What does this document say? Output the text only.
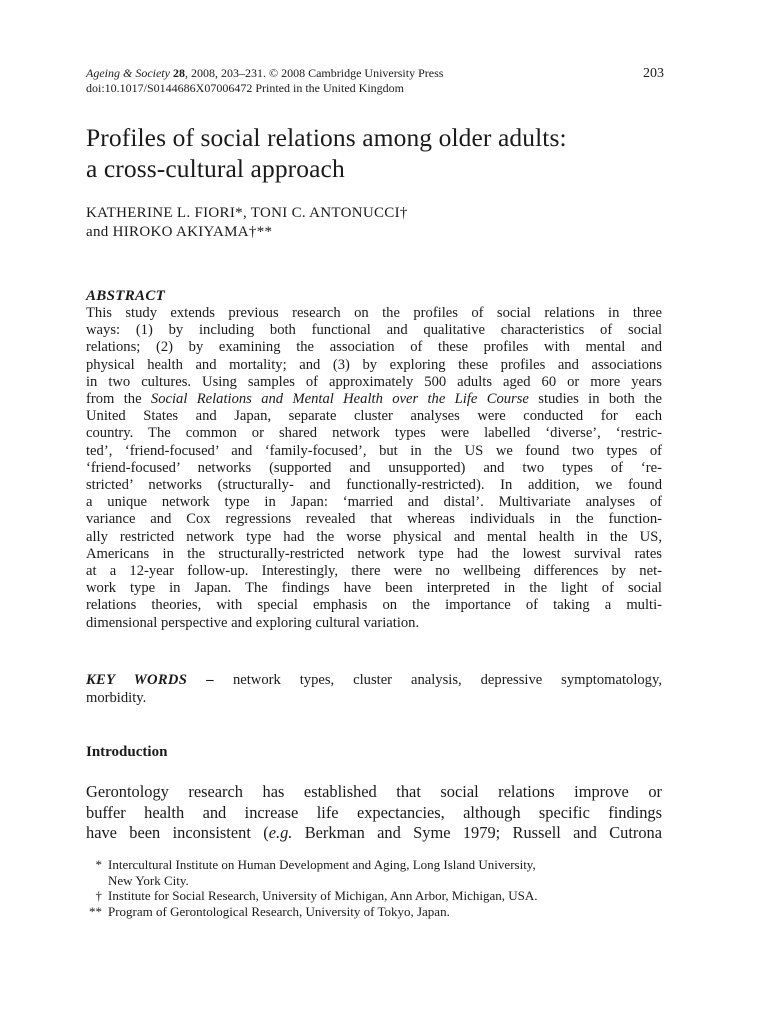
Ageing & Society 28, 2008, 203–231. © 2008 Cambridge University Press
doi:10.1017/S0144686X07006472 Printed in the United Kingdom
203
Profiles of social relations among older adults:
a cross-cultural approach
KATHERINE L. FIORI*, TONI C. ANTONUCCI†
and HIROKO AKIYAMA†**
ABSTRACT
This study extends previous research on the profiles of social relations in three
ways: (1) by including both functional and qualitative characteristics of social
relations; (2) by examining the association of these profiles with mental and
physical health and mortality; and (3) by exploring these profiles and associations
in two cultures. Using samples of approximately 500 adults aged 60 or more years
from the Social Relations and Mental Health over the Life Course studies in both the
United States and Japan, separate cluster analyses were conducted for each
country. The common or shared network types were labelled ‘diverse’, ‘restric-
ted’, ‘friend-focused’ and ‘family-focused’, but in the US we found two types of
‘friend-focused’ networks (supported and unsupported) and two types of ‘re-
stricted’ networks (structurally- and functionally-restricted). In addition, we found
a unique network type in Japan: ‘married and distal’. Multivariate analyses of
variance and Cox regressions revealed that whereas individuals in the function-
ally restricted network type had the worse physical and mental health in the US,
Americans in the structurally-restricted network type had the lowest survival rates
at a 12-year follow-up. Interestingly, there were no wellbeing differences by net-
work type in Japan. The findings have been interpreted in the light of social
relations theories, with special emphasis on the importance of taking a multi-
dimensional perspective and exploring cultural variation.
KEY WORDS – network types, cluster analysis, depressive symptomatology,
morbidity.
Introduction
Gerontology research has established that social relations improve or
buffer health and increase life expectancies, although specific findings
have been inconsistent (e.g. Berkman and Syme 1979; Russell and Cutrona
* Intercultural Institute on Human Development and Aging, Long Island University,
New York City.
† Institute for Social Research, University of Michigan, Ann Arbor, Michigan, USA.
** Program of Gerontological Research, University of Tokyo, Japan.
